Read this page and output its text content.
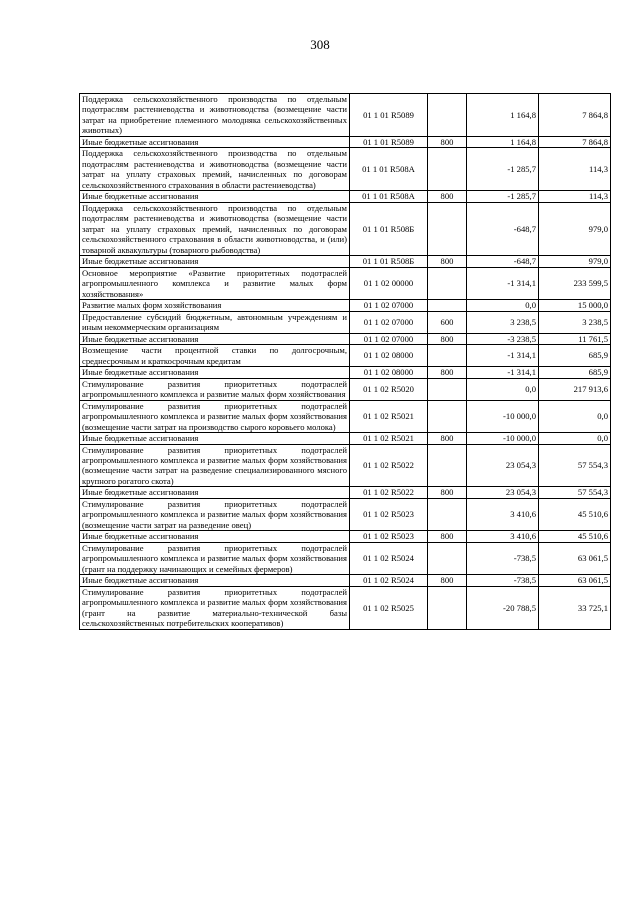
308
Поддержка сельскохозяйственного производства по отдельным подотраслям растениеводства и животноводства (возмещение части затрат на приобретение племенного молодняка сельскохозяйственных животных)	01 1 01 R5089		1 164,8	7 864,8
Иные бюджетные ассигнования	01 1 01 R5089	800	1 164,8	7 864,8
Поддержка сельскохозяйственного производства по отдельным подотраслям растениеводства и животноводства (возмещение части затрат на уплату страховых премий, начисленных по договорам сельскохозяйственного страхования в области растениеводства)	01 1 01 R508A		-1 285,7	114,3
Иные бюджетные ассигнования	01 1 01 R508A	800	-1 285,7	114,3
Поддержка сельскохозяйственного производства по отдельным подотраслям растениеводства и животноводства (возмещение части затрат на уплату страховых премий, начисленных по договорам сельскохозяйственного страхования в области животноводства, и (или) товарной аквакультуры (товарного рыбоводства)	01 1 01 R508Б		-648,7	979,0
Иные бюджетные ассигнования	01 1 01 R508Б	800	-648,7	979,0
Основное мероприятие «Развитие приоритетных подотраслей агропромышленного комплекса и развитие малых форм хозяйствования»	01 1 02 00000		-1 314,1	233 599,5
Развитие малых форм хозяйствования	01 1 02 07000		0,0	15 000,0
Предоставление субсидий бюджетным, автономным учреждениям и иным некоммерческим организациям	01 1 02 07000	600	3 238,5	3 238,5
Иные бюджетные ассигнования	01 1 02 07000	800	-3 238,5	11 761,5
Возмещение части процентной ставки по долгосрочным, среднесрочным и краткосрочным кредитам	01 1 02 08000		-1 314,1	685,9
Иные бюджетные ассигнования	01 1 02 08000	800	-1 314,1	685,9
Стимулирование развития приоритетных подотраслей агропромышленного комплекса и развитие малых форм хозяйствования	01 1 02 R5020		0,0	217 913,6
Стимулирование развития приоритетных подотраслей агропромышленного комплекса и развитие малых форм хозяйствования (возмещение части затрат на производство сырого коровьего молока)	01 1 02 R5021		-10 000,0	0,0
Иные бюджетные ассигнования	01 1 02 R5021	800	-10 000,0	0,0
Стимулирование развития приоритетных подотраслей агропромышленного комплекса и развитие малых форм хозяйствования (возмещение части затрат на разведение специализированного мясного крупного рогатого скота)	01 1 02 R5022		23 054,3	57 554,3
Иные бюджетные ассигнования	01 1 02 R5022	800	23 054,3	57 554,3
Стимулирование развития приоритетных подотраслей агропромышленного комплекса и развитие малых форм хозяйствования (возмещение части затрат на разведение овец)	01 1 02 R5023		3 410,6	45 510,6
Иные бюджетные ассигнования	01 1 02 R5023	800	3 410,6	45 510,6
Стимулирование развития приоритетных подотраслей агропромышленного комплекса и развитие малых форм хозяйствования (грант на поддержку начинающих и семейных фермеров)	01 1 02 R5024		-738,5	63 061,5
Иные бюджетные ассигнования	01 1 02 R5024	800	-738,5	63 061,5
Стимулирование развития приоритетных подотраслей агропромышленного комплекса и развитие малых форм хозяйствования (грант на развитие материально-технической базы сельскохозяйственных потребительских кооперативов)	01 1 02 R5025		-20 788,5	33 725,1
